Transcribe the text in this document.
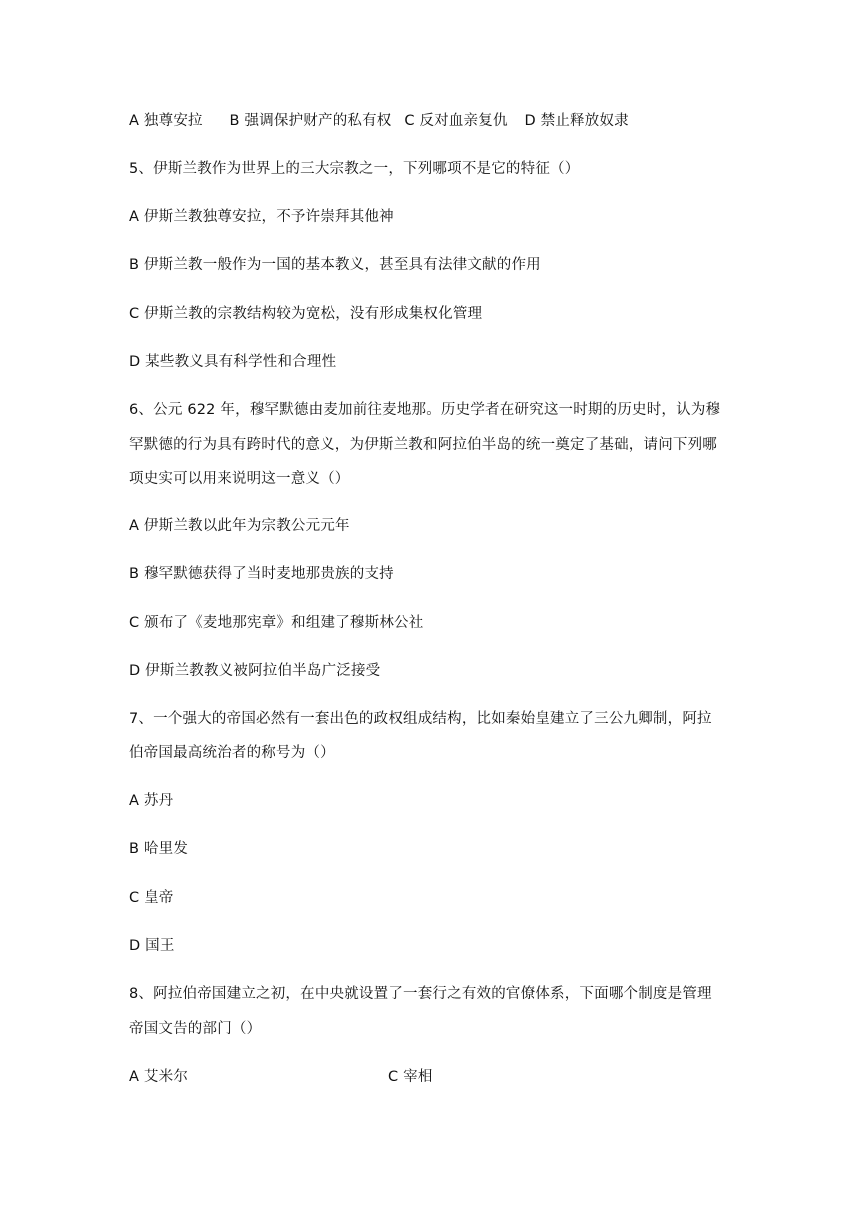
A 独尊安拉 B 强调保护财产的私有权 C 反对血亲复仇 D 禁止释放奴隶
5、伊斯兰教作为世界上的三大宗教之一，下列哪项不是它的特征（）
A 伊斯兰教独尊安拉，不予许崇拜其他神
B 伊斯兰教一般作为一国的基本教义，甚至具有法律文献的作用
C 伊斯兰教的宗教结构较为宽松，没有形成集权化管理
D 某些教义具有科学性和合理性
6、公元 622 年，穆罕默德由麦加前往麦地那。历史学者在研究这一时期的历史时，认为穆
罕默德的行为具有跨时代的意义，为伊斯兰教和阿拉伯半岛的统一奠定了基础，请问下列哪
项史实可以用来说明这一意义（）
A 伊斯兰教以此年为宗教公元元年
B 穆罕默德获得了当时麦地那贵族的支持
C 颁布了《麦地那宪章》和组建了穆斯林公社
D 伊斯兰教教义被阿拉伯半岛广泛接受
7、一个强大的帝国必然有一套出色的政权组成结构，比如秦始皇建立了三公九卿制，阿拉
伯帝国最高统治者的称号为（）
A 苏丹
B 哈里发
C 皇帝
D 国王
8、阿拉伯帝国建立之初，在中央就设置了一套行之有效的官僚体系，下面哪个制度是管理
帝国文告的部门（）
A 艾米尔	C 宰相
